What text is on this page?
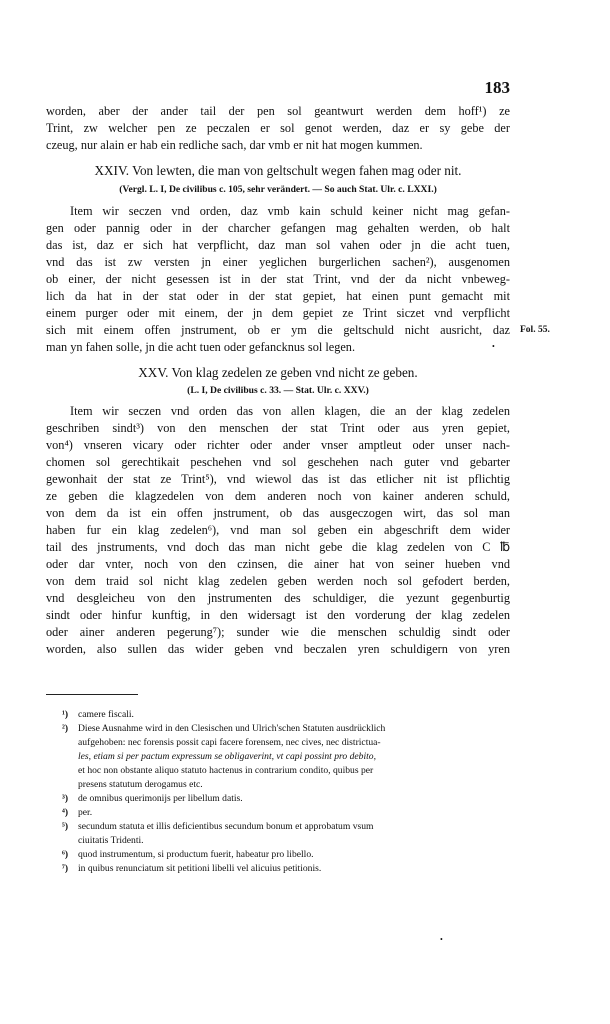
183
worden, aber der ander tail der pen sol geantwurt werden dem hoff¹) ze
Trint, zw welcher pen ze peczalen er sol genot werden, daz er sy gebe der
czeug, nur alain er hab ein redliche sach, dar vmb er nit hat mogen kummen.
XXIV. Von lewten, die man von geltschult wegen fahen mag oder nit.
(Vergl. L. I, De civilibus c. 105, sehr verändert. — So auch Stat. Ulr. c. LXXI.)
Item wir seczen vnd orden, daz vmb kain schuld keiner nicht mag gefan-
gen oder pannig oder in der charcher gefangen mag gehalten werden, ob halt
das ist, daz er sich hat verpflicht, daz man sol vahen oder jn die acht tuen,
vnd das ist zw versten jn einer yeglichen burgerlichen sachen²), ausgenomen
ob einer, der nicht gesessen ist in der stat Trint, vnd der da nicht vnbeweg-
lich da hat in der stat oder in der stat gepiet, hat einen punt gemacht mit
einem purger oder mit einem, der jn dem gepiet ze Trint siczet vnd verpflicht
sich mit einem offen jnstrument, ob er ym die geltschuld nicht ausricht, daz
man yn fahen solle, jn die acht tuen oder gefancknus sol legen.
Fol. 55.
•
XXV. Von klag zedelen ze geben vnd nicht ze geben.
(L. I, De civilibus c. 33. — Stat. Ulr. c. XXV.)
Item wir seczen vnd orden das von allen klagen, die an der klag zedelen
geschriben sindt³) von den menschen der stat Trint oder aus yren gepiet,
von⁴) vnseren vicary oder richter oder ander vnser amptleut oder unser nach-
chomen sol gerechtikait peschehen vnd sol geschehen nach guter vnd gebarter
gewonhait der stat ze Trint⁵), vnd wiewol das ist das etlicher nit ist pflichtig
ze geben die klagzedelen von dem anderen noch von kainer anderen schuld,
von dem da ist ein offen jnstrument, ob das ausgeczogen wirt, das sol man
haben fur ein klag zedelen⁶), vnd man sol geben ein abgeschrift dem wider
tail des jnstruments, vnd doch das man nicht gebe die klag zedelen von C ℔
oder dar vnter, noch von den czinsen, die ainer hat von seiner hueben vnd
von dem traid sol nicht klag zedelen geben werden noch sol gefodert berden,
vnd desgleicheu von den jnstrumenten des schuldiger, die yezunt gegenburtig
sindt oder hinfur kunftig, in den widersagt ist den vorderung der klag zedelen
oder ainer anderen pegerung⁷); sunder wie die menschen schuldig sindt oder
worden, also sullen das wider geben vnd beczalen yren schuldigern von yren
¹) camere fiscali.
²) Diese Ausnahme wird in den Clesischen und Ulrich'schen Statuten ausdrücklich
aufgehoben: nec forensis possit capi facere forensem, nec cives, nec districtua-
les, etiam si per pactum expressum se obligaverint, vt capi possint pro debito,
et hoc non obstante aliquo statuto hactenus in contrarium condito, quibus per
presens statutum derogamus etc.
³) de omnibus querimonijs per libellum datis.
⁴) per.
⁵) secundum statuta et illis deficientibus secundum bonum et approbatum vsum
ciuitatis Tridenti.
⁶) quod instrumentum, si productum fuerit, habeatur pro libello.
⁷) in quibus renunciatum sit petitioni libelli vel alicuius petitionis.
•
